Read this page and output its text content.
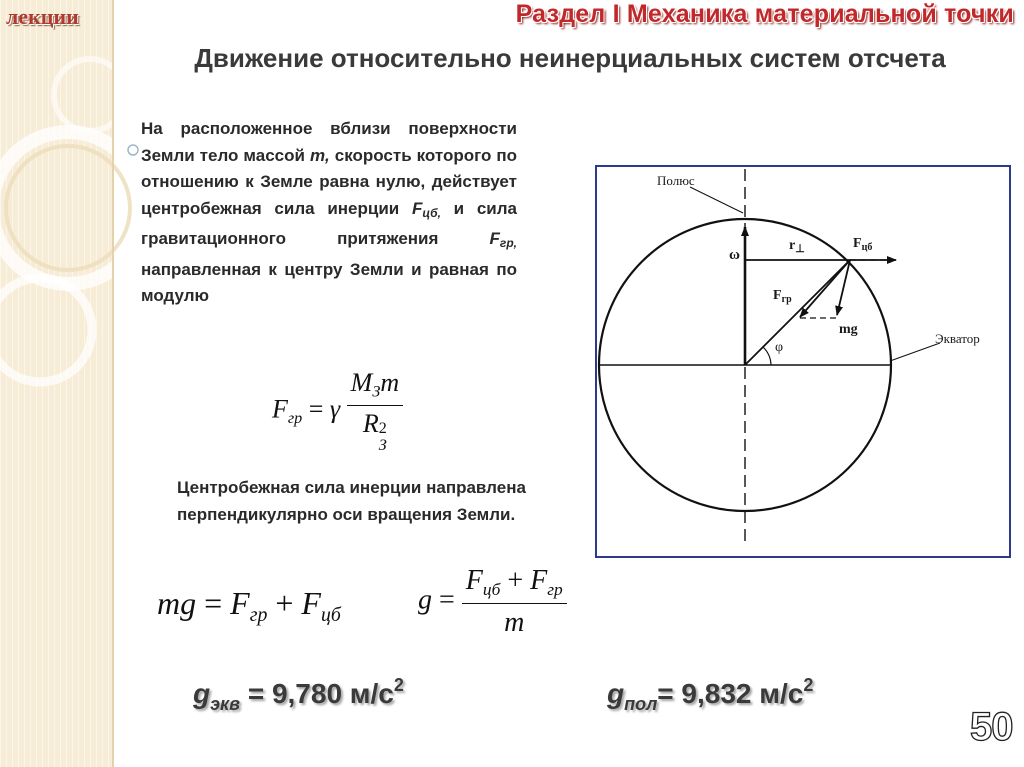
лекции	Раздел I Механика материальной точки
Движение относительно неинерциальных систем отсчета
На расположенное вблизи поверхности Земли тело массой m, скорость которого по отношению к Земле равна нулю, действует центробежная сила инерции $F_{цб,}$ и сила гравитационного притяжения $F_{гр,}$ направленная к центру Земли и равная по модулю
$F_{гр} = \gamma$ $M_Зm$
R 2
З
Центробежная сила инерции направлена перпендикулярно оси вращения Земли.
mg = $F_{гр} + F_{цб}$	$g = \frac{F_{цб} + F_{гр}}{m}$
$g_{экв} = 9,780$ $м/с^2$	$g_{пол}= 9,832$ $м/с^2$
50
Полюс
Экватор
ω
$r_\perp$	$F_{цб}$
$F_{гр}$
mg
φ
